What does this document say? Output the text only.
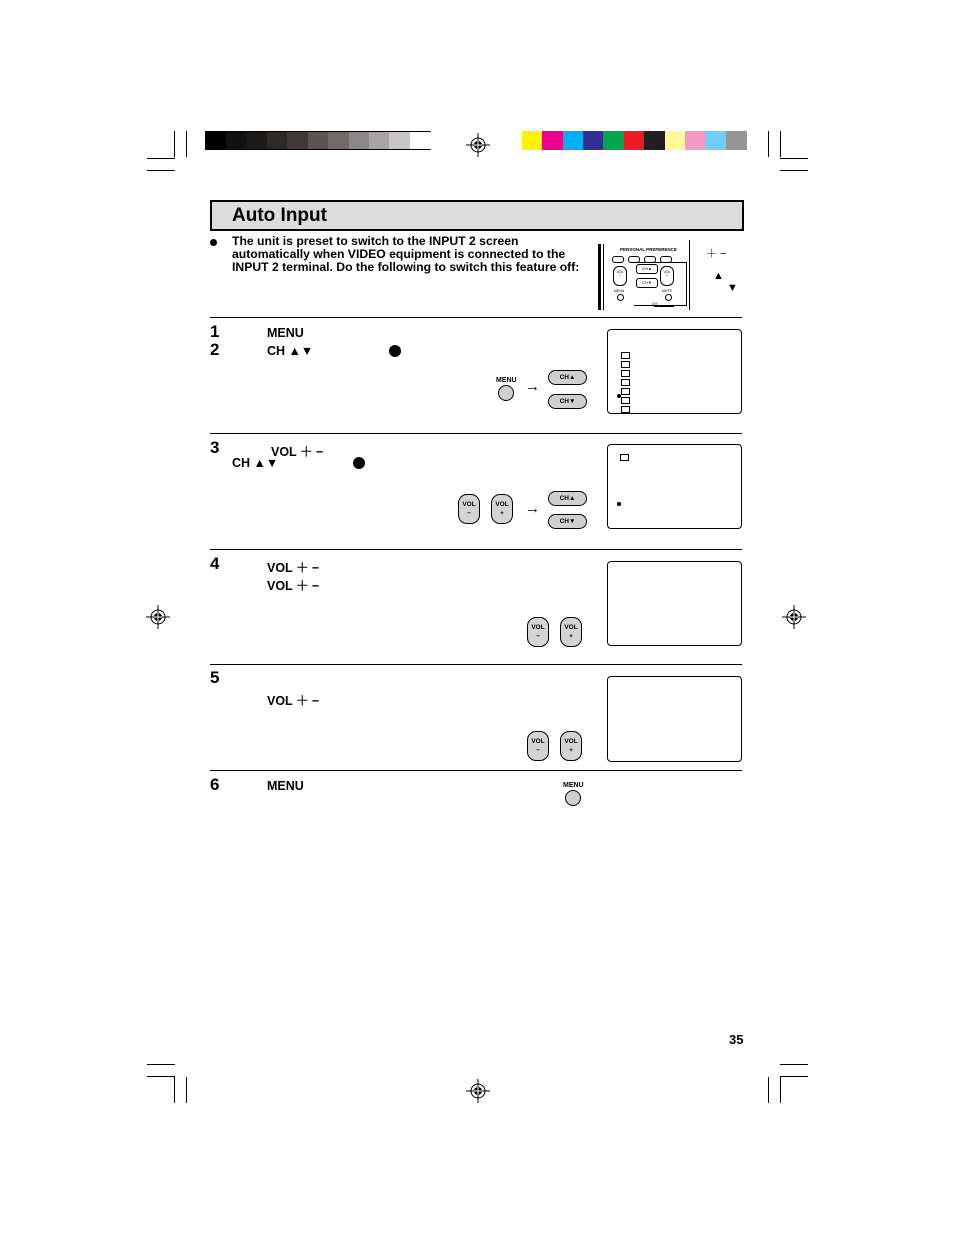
Auto Input
The unit is preset to switch to the INPUT 2 screen automatically when VIDEO equipment is connected to the INPUT 2 terminal. Do the following to switch this feature off:
PERSONAL PREFERENCE
VOL
−
CH▲
CH▼
VOL
+
MENU	MUTE
CH
＋ −
▲
▼
1	MENU
2	CH ▲▼
MENU →
CH▲
CH▼
3	VOL ＋ −
CH ▲▼
VOL
−
VOL
+	→
CH▲
CH▼
4	VOL ＋ −
VOL ＋ −
VOL
−
VOL
+
5
VOL ＋ −
VOL
−
VOL
+
6	MENU	MENU
35
